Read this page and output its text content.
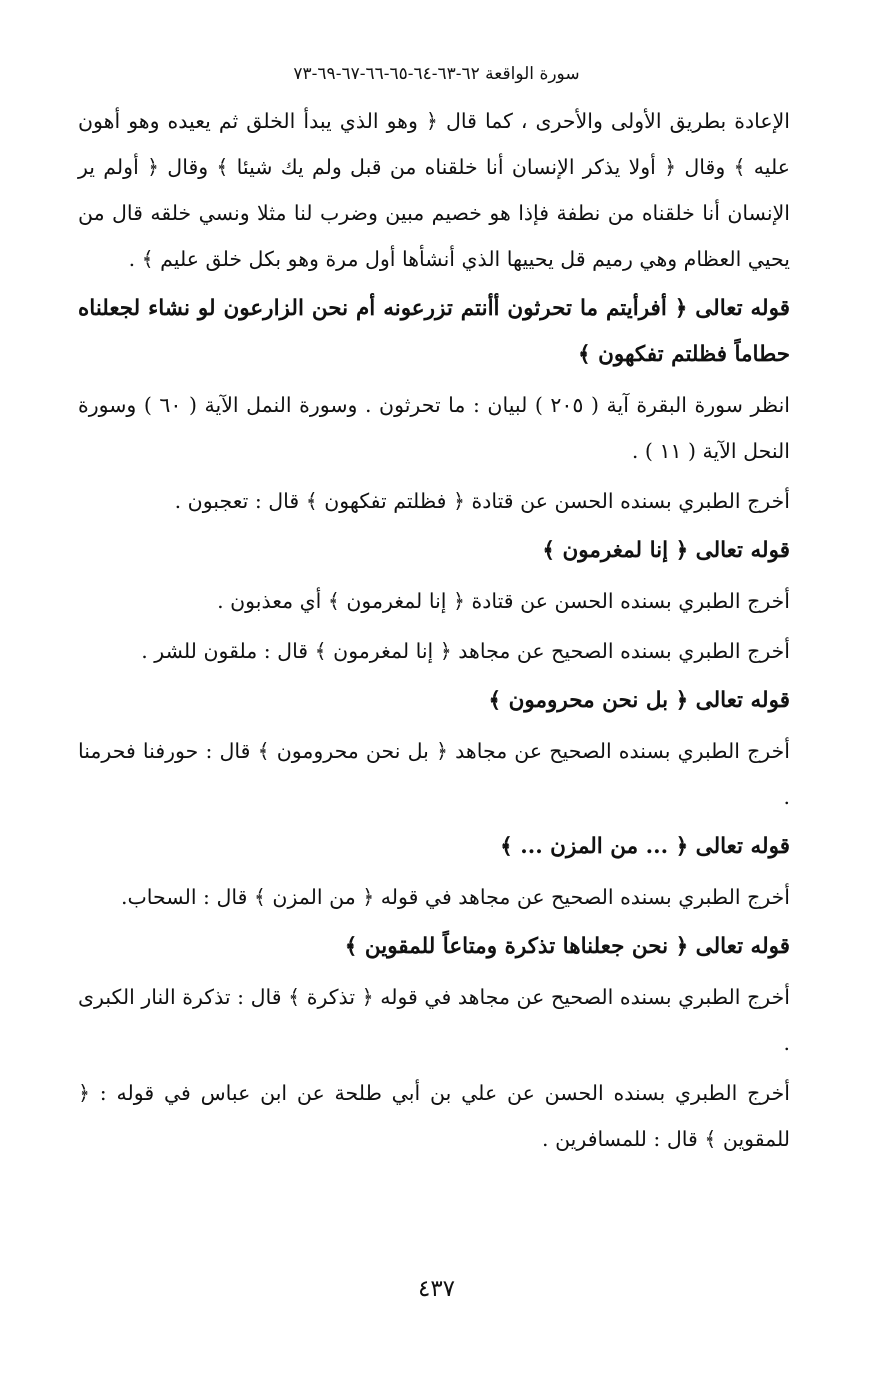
سورة الواقعة ٦٢-٦٣-٦٤-٦٥-٦٦-٦٧-٦٩-٧٣

الإعادة بطريق الأولى والأحرى ، كما قال ﴿ وهو الذي يبدأ الخلق ثم يعيده وهو أهون عليه ﴾ وقال ﴿ أولا يذكر الإنسان أنا خلقناه من قبل ولم يك شيئا ﴾ وقال ﴿ أولم ير الإنسان أنا خلقناه من نطفة فإذا هو خصيم مبين وضرب لنا مثلا ونسي خلقه قال من يحيي العظام وهي رميم قل يحييها الذي أنشأها أول مرة وهو بكل خلق عليم ﴾ .

قوله تعالى ﴿ أفرأيتم ما تحرثون أأنتم تزرعونه أم نحن الزارعون لو نشاء لجعلناه حطاماً فظلتم تفكهون ﴾

انظر سورة البقرة آية ( ٢٠٥ ) لبيان : ما تحرثون . وسورة النمل الآية ( ٦٠ ) وسورة النحل الآية ( ١١ ) .

أخرج الطبري بسنده الحسن عن قتادة ﴿ فظلتم تفكهون ﴾ قال : تعجبون .

قوله تعالى ﴿ إنا لمغرمون ﴾

أخرج الطبري بسنده الحسن عن قتادة ﴿ إنا لمغرمون ﴾ أي معذبون .

أخرج الطبري بسنده الصحيح عن مجاهد ﴿ إنا لمغرمون ﴾ قال : ملقون للشر .

قوله تعالى ﴿ بل نحن محرومون ﴾

أخرج الطبري بسنده الصحيح عن مجاهد ﴿ بل نحن محرومون ﴾ قال : حورفنا فحرمنا .

قوله تعالى ﴿ ... من المزن ... ﴾

أخرج الطبري بسنده الصحيح عن مجاهد في قوله ﴿ من المزن ﴾ قال : السحاب.

قوله تعالى ﴿ نحن جعلناها تذكرة ومتاعاً للمقوين ﴾

أخرج الطبري بسنده الصحيح عن مجاهد في قوله ﴿ تذكرة ﴾ قال : تذكرة النار الكبرى .

أخرج الطبري بسنده الحسن عن علي بن أبي طلحة عن ابن عباس في قوله : ﴿ للمقوين ﴾ قال : للمسافرين .

٤٣٧
